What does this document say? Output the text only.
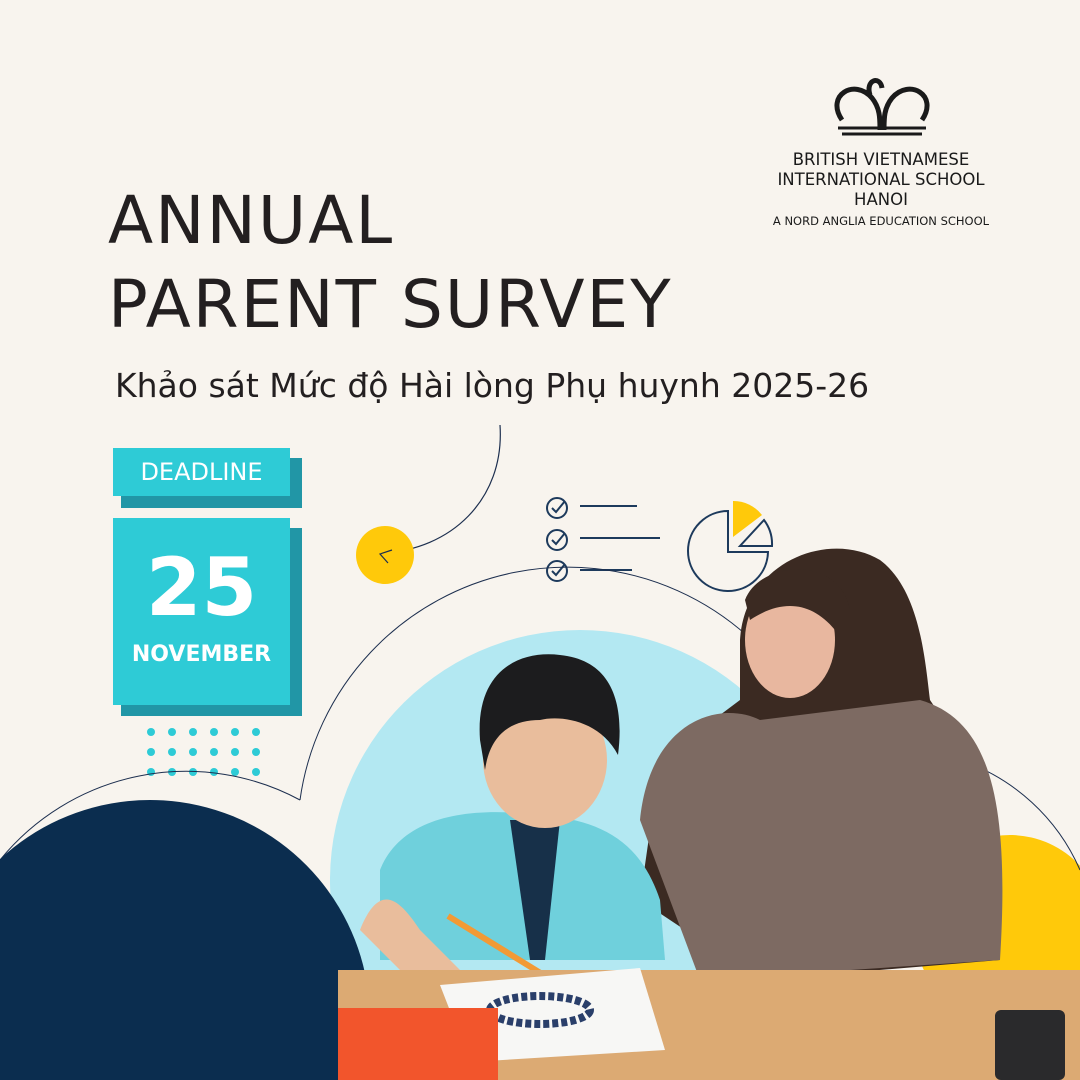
BRITISH VIETNAMESE
INTERNATIONAL SCHOOL
HANOI
A NORD ANGLIA EDUCATION SCHOOL
ANNUAL
PARENT SURVEY
Khảo sát Mức độ Hài lòng Phụ huynh 2025-26
DEADLINE
25
NOVEMBER
